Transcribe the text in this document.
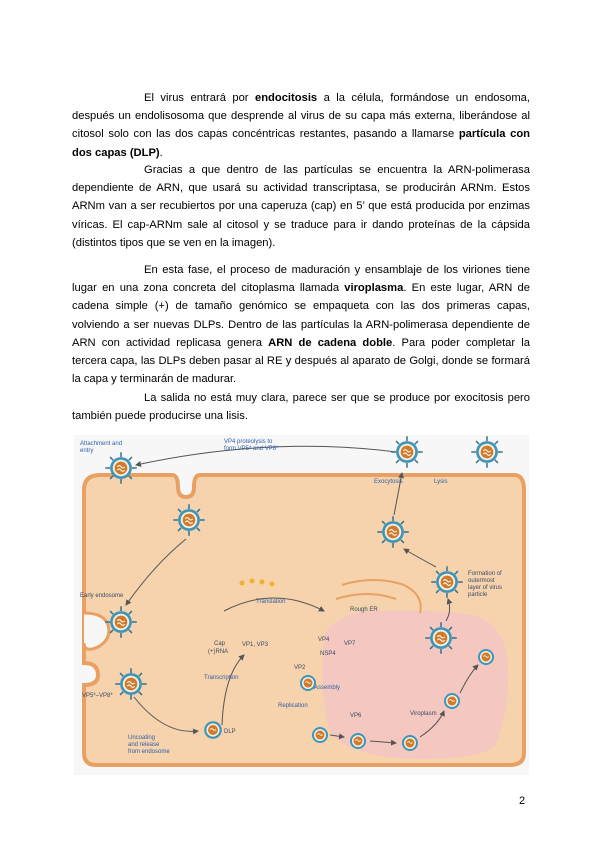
El virus entrará por endocitosis a la célula, formándose un endosoma, después un endolisosoma que desprende al virus de su capa más externa, liberándose al citosol solo con las dos capas concéntricas restantes, pasando a llamarse partícula con dos capas (DLP).

Gracias a que dentro de las partículas se encuentra la ARN-polimerasa dependiente de ARN, que usará su actividad transcriptasa, se producirán ARNm. Estos ARNm van a ser recubiertos por una caperuza (cap) en 5’ que está producida por enzimas víricas. El cap-ARNm sale al citosol y se traduce para ir dando proteínas de la cápsida (distintos tipos que se ven en la imagen).

En esta fase, el proceso de maduración y ensamblaje de los viriones tiene lugar en una zona concreta del citoplasma llamada viroplasma. En este lugar, ARN de cadena simple (+) de tamaño genómico se empaqueta con las dos primeras capas, volviendo a ser nuevas DLPs. Dentro de las partículas la ARN-polimerasa dependiente de ARN con actividad replicasa genera ARN de cadena doble. Para poder completar la tercera capa, las DLPs deben pasar al RE y después al aparato de Golgi, donde se formará la capa y terminarán de madurar.

La salida no está muy clara, parece ser que se produce por exocitosis pero también puede producirse una lisis.

VP4 proteolysis to
form VP5* and VP8*
Attachment and
entry
Exocytosis	Lysis
Early endosome
Translation
Rough ER
Cap
(+)RNA
VP1, VP3
VP4
VP7
NSP4
VP2
Assembly
Transcription
Replication
VP6	Viroplasm
VP5*–VP8*
Uncoating
and release
from endosome
DLP
Formation of
outermost
layer of virus
particle
2
